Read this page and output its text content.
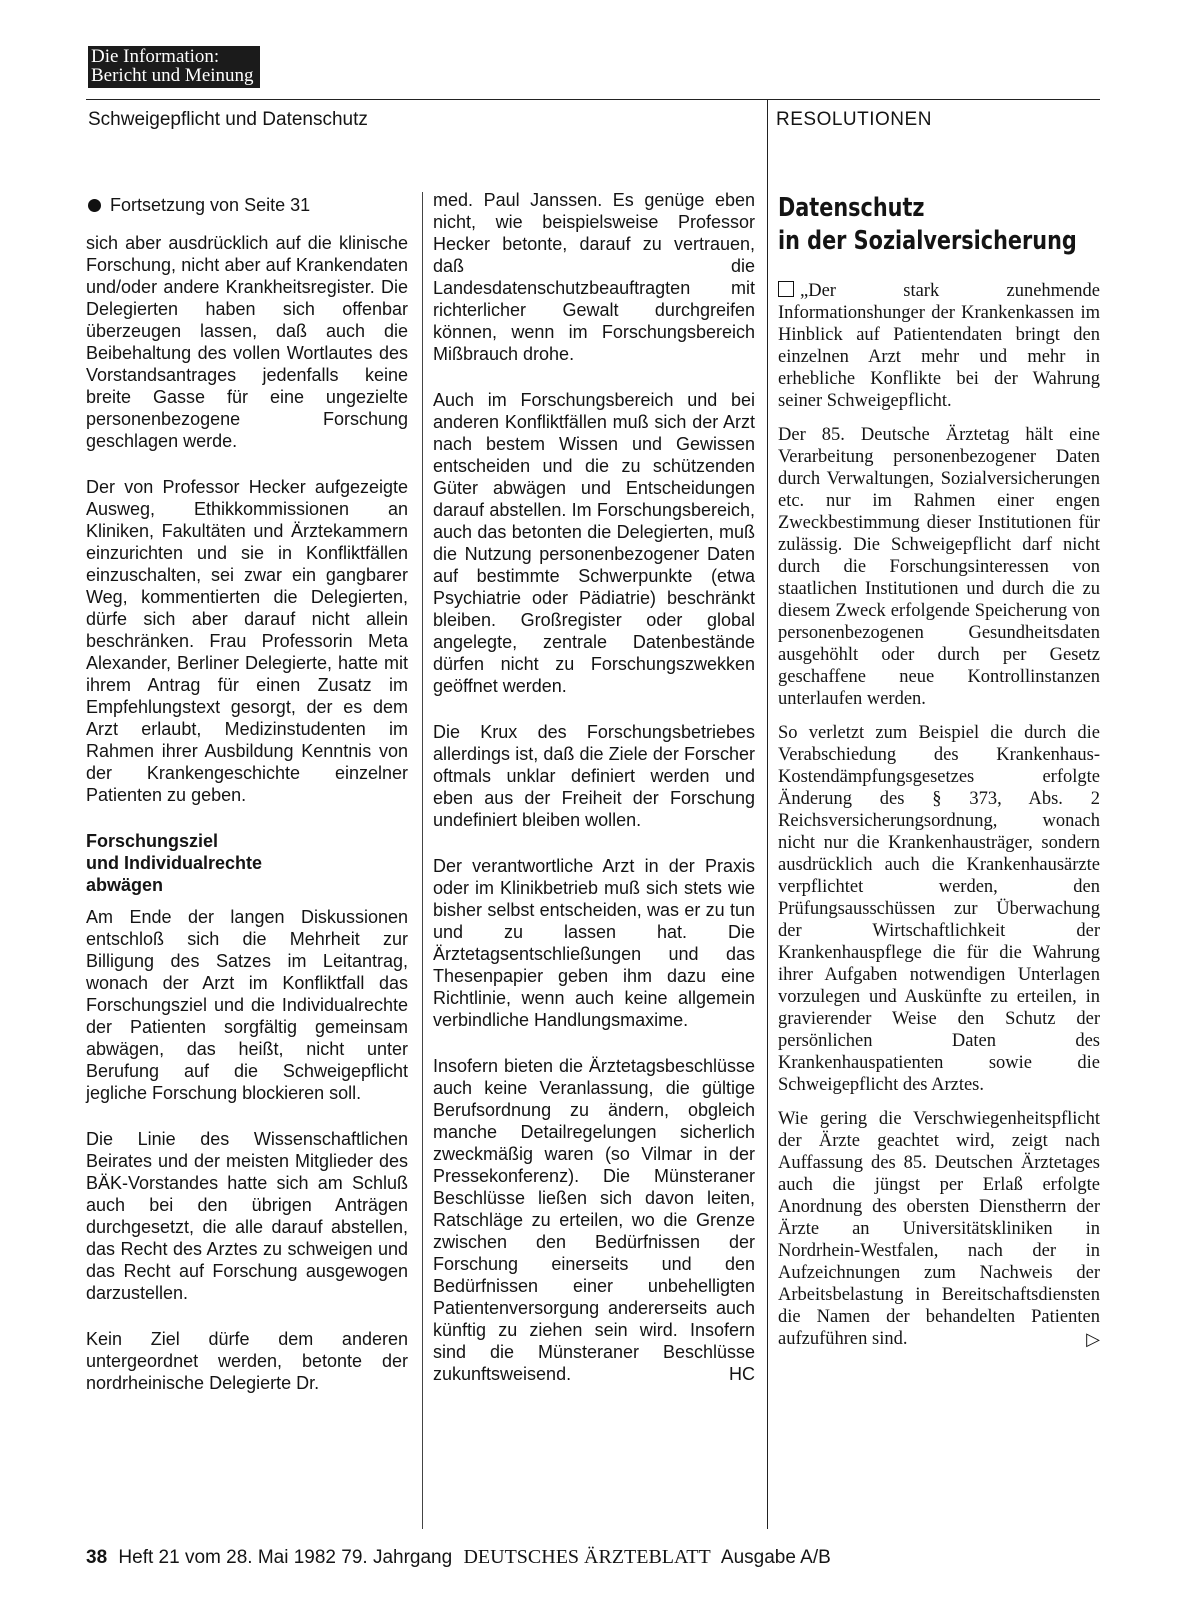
Die Information:
Bericht und Meinung
Schweigepflicht und Datenschutz	RESOLUTIONEN
Fortsetzung von Seite 31

sich aber ausdrücklich auf die klinische Forschung, nicht aber auf Krankendaten und/oder andere Krankheitsregister. Die Delegierten haben sich offenbar überzeugen lassen, daß auch die Beibehaltung des vollen Wortlautes des Vorstandsantrages jedenfalls keine breite Gasse für eine ungezielte personenbezogene Forschung geschlagen werde.

Der von Professor Hecker aufgezeigte Ausweg, Ethikkommissionen an Kliniken, Fakultäten und Ärztekammern einzurichten und sie in Konfliktfällen einzuschalten, sei zwar ein gangbarer Weg, kommentierten die Delegierten, dürfe sich aber darauf nicht allein beschränken. Frau Professorin Meta Alexander, Berliner Delegierte, hatte mit ihrem Antrag für einen Zusatz im Empfehlungstext gesorgt, der es dem Arzt erlaubt, Medizinstudenten im Rahmen ihrer Ausbildung Kenntnis von der Krankengeschichte einzelner Patienten zu geben.

Forschungsziel
und Individualrechte
abwägen

Am Ende der langen Diskussionen entschloß sich die Mehrheit zur Billigung des Satzes im Leitantrag, wonach der Arzt im Konfliktfall das Forschungsziel und die Individualrechte der Patienten sorgfältig gemeinsam abwägen, das heißt, nicht unter Berufung auf die Schweigepflicht jegliche Forschung blockieren soll.

Die Linie des Wissenschaftlichen Beirates und der meisten Mitglieder des BÄK-Vorstandes hatte sich am Schluß auch bei den übrigen Anträgen durchgesetzt, die alle darauf abstellen, das Recht des Arztes zu schweigen und das Recht auf Forschung ausgewogen darzustellen.

Kein Ziel dürfe dem anderen untergeordnet werden, betonte der nordrheinische Delegierte Dr.

med. Paul Janssen. Es genüge eben nicht, wie beispielsweise Professor Hecker betonte, darauf zu vertrauen, daß die Landesdatenschutzbeauftragten mit richterlicher Gewalt durchgreifen können, wenn im Forschungsbereich Mißbrauch drohe.

Auch im Forschungsbereich und bei anderen Konfliktfällen muß sich der Arzt nach bestem Wissen und Gewissen entscheiden und die zu schützenden Güter abwägen und Entscheidungen darauf abstellen. Im Forschungsbereich, auch das betonten die Delegierten, muß die Nutzung personenbezogener Daten auf bestimmte Schwerpunkte (etwa Psychiatrie oder Pädiatrie) beschränkt bleiben. Großregister oder global angelegte, zentrale Datenbestände dürfen nicht zu Forschungszwekken geöffnet werden.

Die Krux des Forschungsbetriebes allerdings ist, daß die Ziele der Forscher oftmals unklar definiert werden und eben aus der Freiheit der Forschung undefiniert bleiben wollen.

Der verantwortliche Arzt in der Praxis oder im Klinikbetrieb muß sich stets wie bisher selbst entscheiden, was er zu tun und zu lassen hat. Die Ärztetagsentschließungen und das Thesenpapier geben ihm dazu eine Richtlinie, wenn auch keine allgemein verbindliche Handlungsmaxime.

Insofern bieten die Ärztetagsbeschlüsse auch keine Veranlassung, die gültige Berufsordnung zu ändern, obgleich manche Detailregelungen sicherlich zweckmäßig waren (so Vilmar in der Pressekonferenz). Die Münsteraner Beschlüsse ließen sich davon leiten, Ratschläge zu erteilen, wo die Grenze zwischen den Bedürfnissen der Forschung einerseits und den Bedürfnissen einer unbehelligten Patientenversorgung andererseits auch künftig zu ziehen sein wird. Insofern sind die Münsteraner Beschlüsse zukunftsweisend.	HC

Datenschutz
in der Sozialversicherung

„Der stark zunehmende Informationshunger der Krankenkassen im Hinblick auf Patientendaten bringt den einzelnen Arzt mehr und mehr in erhebliche Konflikte bei der Wahrung seiner Schweigepflicht.

Der 85. Deutsche Ärztetag hält eine Verarbeitung personenbezogener Daten durch Verwaltungen, Sozialversicherungen etc. nur im Rahmen einer engen Zweckbestimmung dieser Institutionen für zulässig. Die Schweigepflicht darf nicht durch die Forschungsinteressen von staatlichen Institutionen und durch die zu diesem Zweck erfolgende Speicherung von personenbezogenen Gesundheitsdaten ausgehöhlt oder durch per Gesetz geschaffene neue Kontrollinstanzen unterlaufen werden.

So verletzt zum Beispiel die durch die Verabschiedung des Krankenhaus-Kostendämpfungsgesetzes erfolgte Änderung des § 373, Abs. 2 Reichsversicherungsordnung, wonach nicht nur die Krankenhausträger, sondern ausdrücklich auch die Krankenhausärzte verpflichtet werden, den Prüfungsausschüssen zur Überwachung der Wirtschaftlichkeit der Krankenhauspflege die für die Wahrung ihrer Aufgaben notwendigen Unterlagen vorzulegen und Auskünfte zu erteilen, in gravierender Weise den Schutz der persönlichen Daten des Krankenhauspatienten sowie die Schweigepflicht des Arztes.

Wie gering die Verschwiegenheitspflicht der Ärzte geachtet wird, zeigt nach Auffassung des 85. Deutschen Ärztetages auch die jüngst per Erlaß erfolgte Anordnung des obersten Dienstherrn der Ärzte an Universitätskliniken in Nordrhein-Westfalen, nach der in Aufzeichnungen zum Nachweis der Arbeitsbelastung in Bereitschaftsdiensten die Namen der behandelten Patienten aufzuführen sind.	▷

38 Heft 21 vom 28. Mai 1982 79. Jahrgang DEUTSCHES ÄRZTEBLATT Ausgabe A/B
